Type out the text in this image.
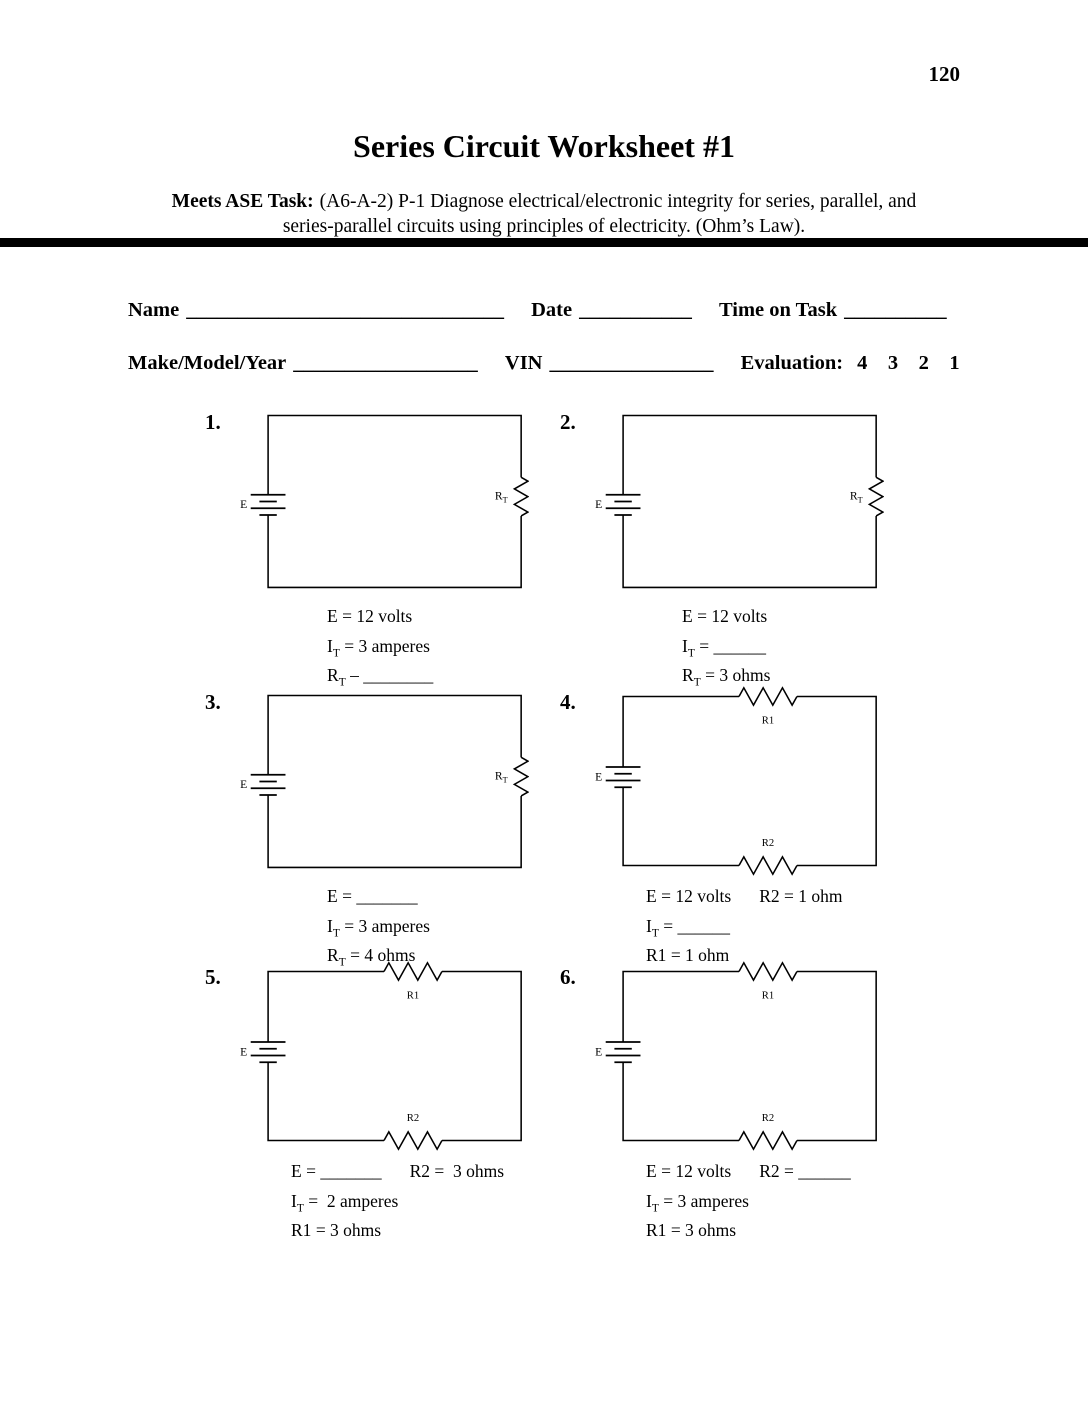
120
Series Circuit Worksheet #1
Meets ASE Task: (A6-A-2) P-1 Diagnose electrical/electronic integrity for series, parallel, and
series-parallel circuits using principles of electricity. (Ohm’s Law).
Name _______________________________ Date ___________ Time on Task __________
Make/Model/Year __________________ VIN ________________ Evaluation: 4    3    2    1
1.
E
$R_T$
E = 12 volts
$I_T = 3$ amperes
$R_T$ – ________
2.
E
$R_T$
E = 12 volts
$I_T$ = ______
$R_T = 3$ ohms
3.
E
$R_T$
E = _______
$I_T = 3$ amperes
$R_T = 4$ ohms
4.
E
R1
R2
E = 12 volts R2 = 1 ohm
$I_T$ = ______
R1 = 1 ohm
5.
E
R1
R2
E = _______ R2 =  3 ohms
$I_T = 2$ amperes
R1 = 3 ohms
6.
E
R1
R2
E = 12 volts R2 = ______
$I_T = 3$ amperes
R1 = 3 ohms
